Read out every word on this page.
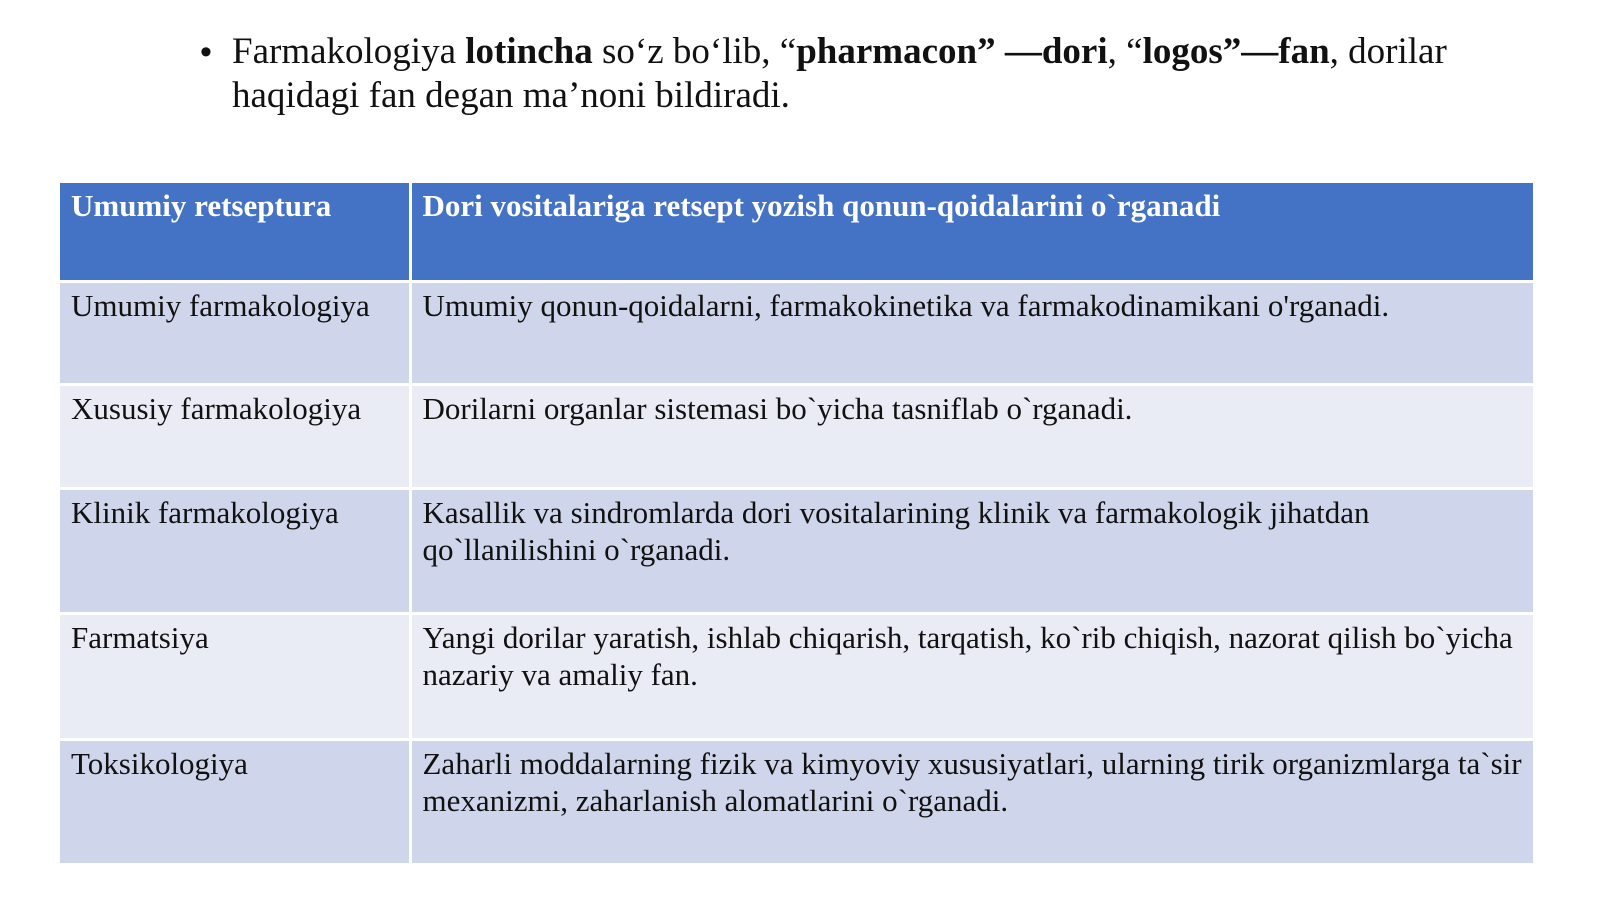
• Farmakologiya lotincha so‘z bo‘lib, “pharmacon” —dori, “logos”—fan, dorilar haqidagi fan degan ma’noni bildiradi.
Umumiy retseptura	Dori vositalariga retsept yozish qonun-qoidalarini o`rganadi
Umumiy farmakologiya	Umumiy qonun-qoidalarni, farmakokinetika va farmakodinamikani o'rganadi.
Xususiy farmakologiya	Dorilarni organlar sistemasi bo`yicha tasniflab o`rganadi.
Klinik farmakologiya	Kasallik va sindromlarda dori vositalarining klinik va farmakologik jihatdan qo`llanilishini o`rganadi.
Farmatsiya	Yangi dorilar yaratish, ishlab chiqarish, tarqatish, ko`rib chiqish, nazorat qilish bo`yicha nazariy va amaliy fan.
Toksikologiya	Zaharli moddalarning fizik va kimyoviy xususiyatlari, ularning tirik organizmlarga ta`sir mexanizmi, zaharlanish alomatlarini o`rganadi.
